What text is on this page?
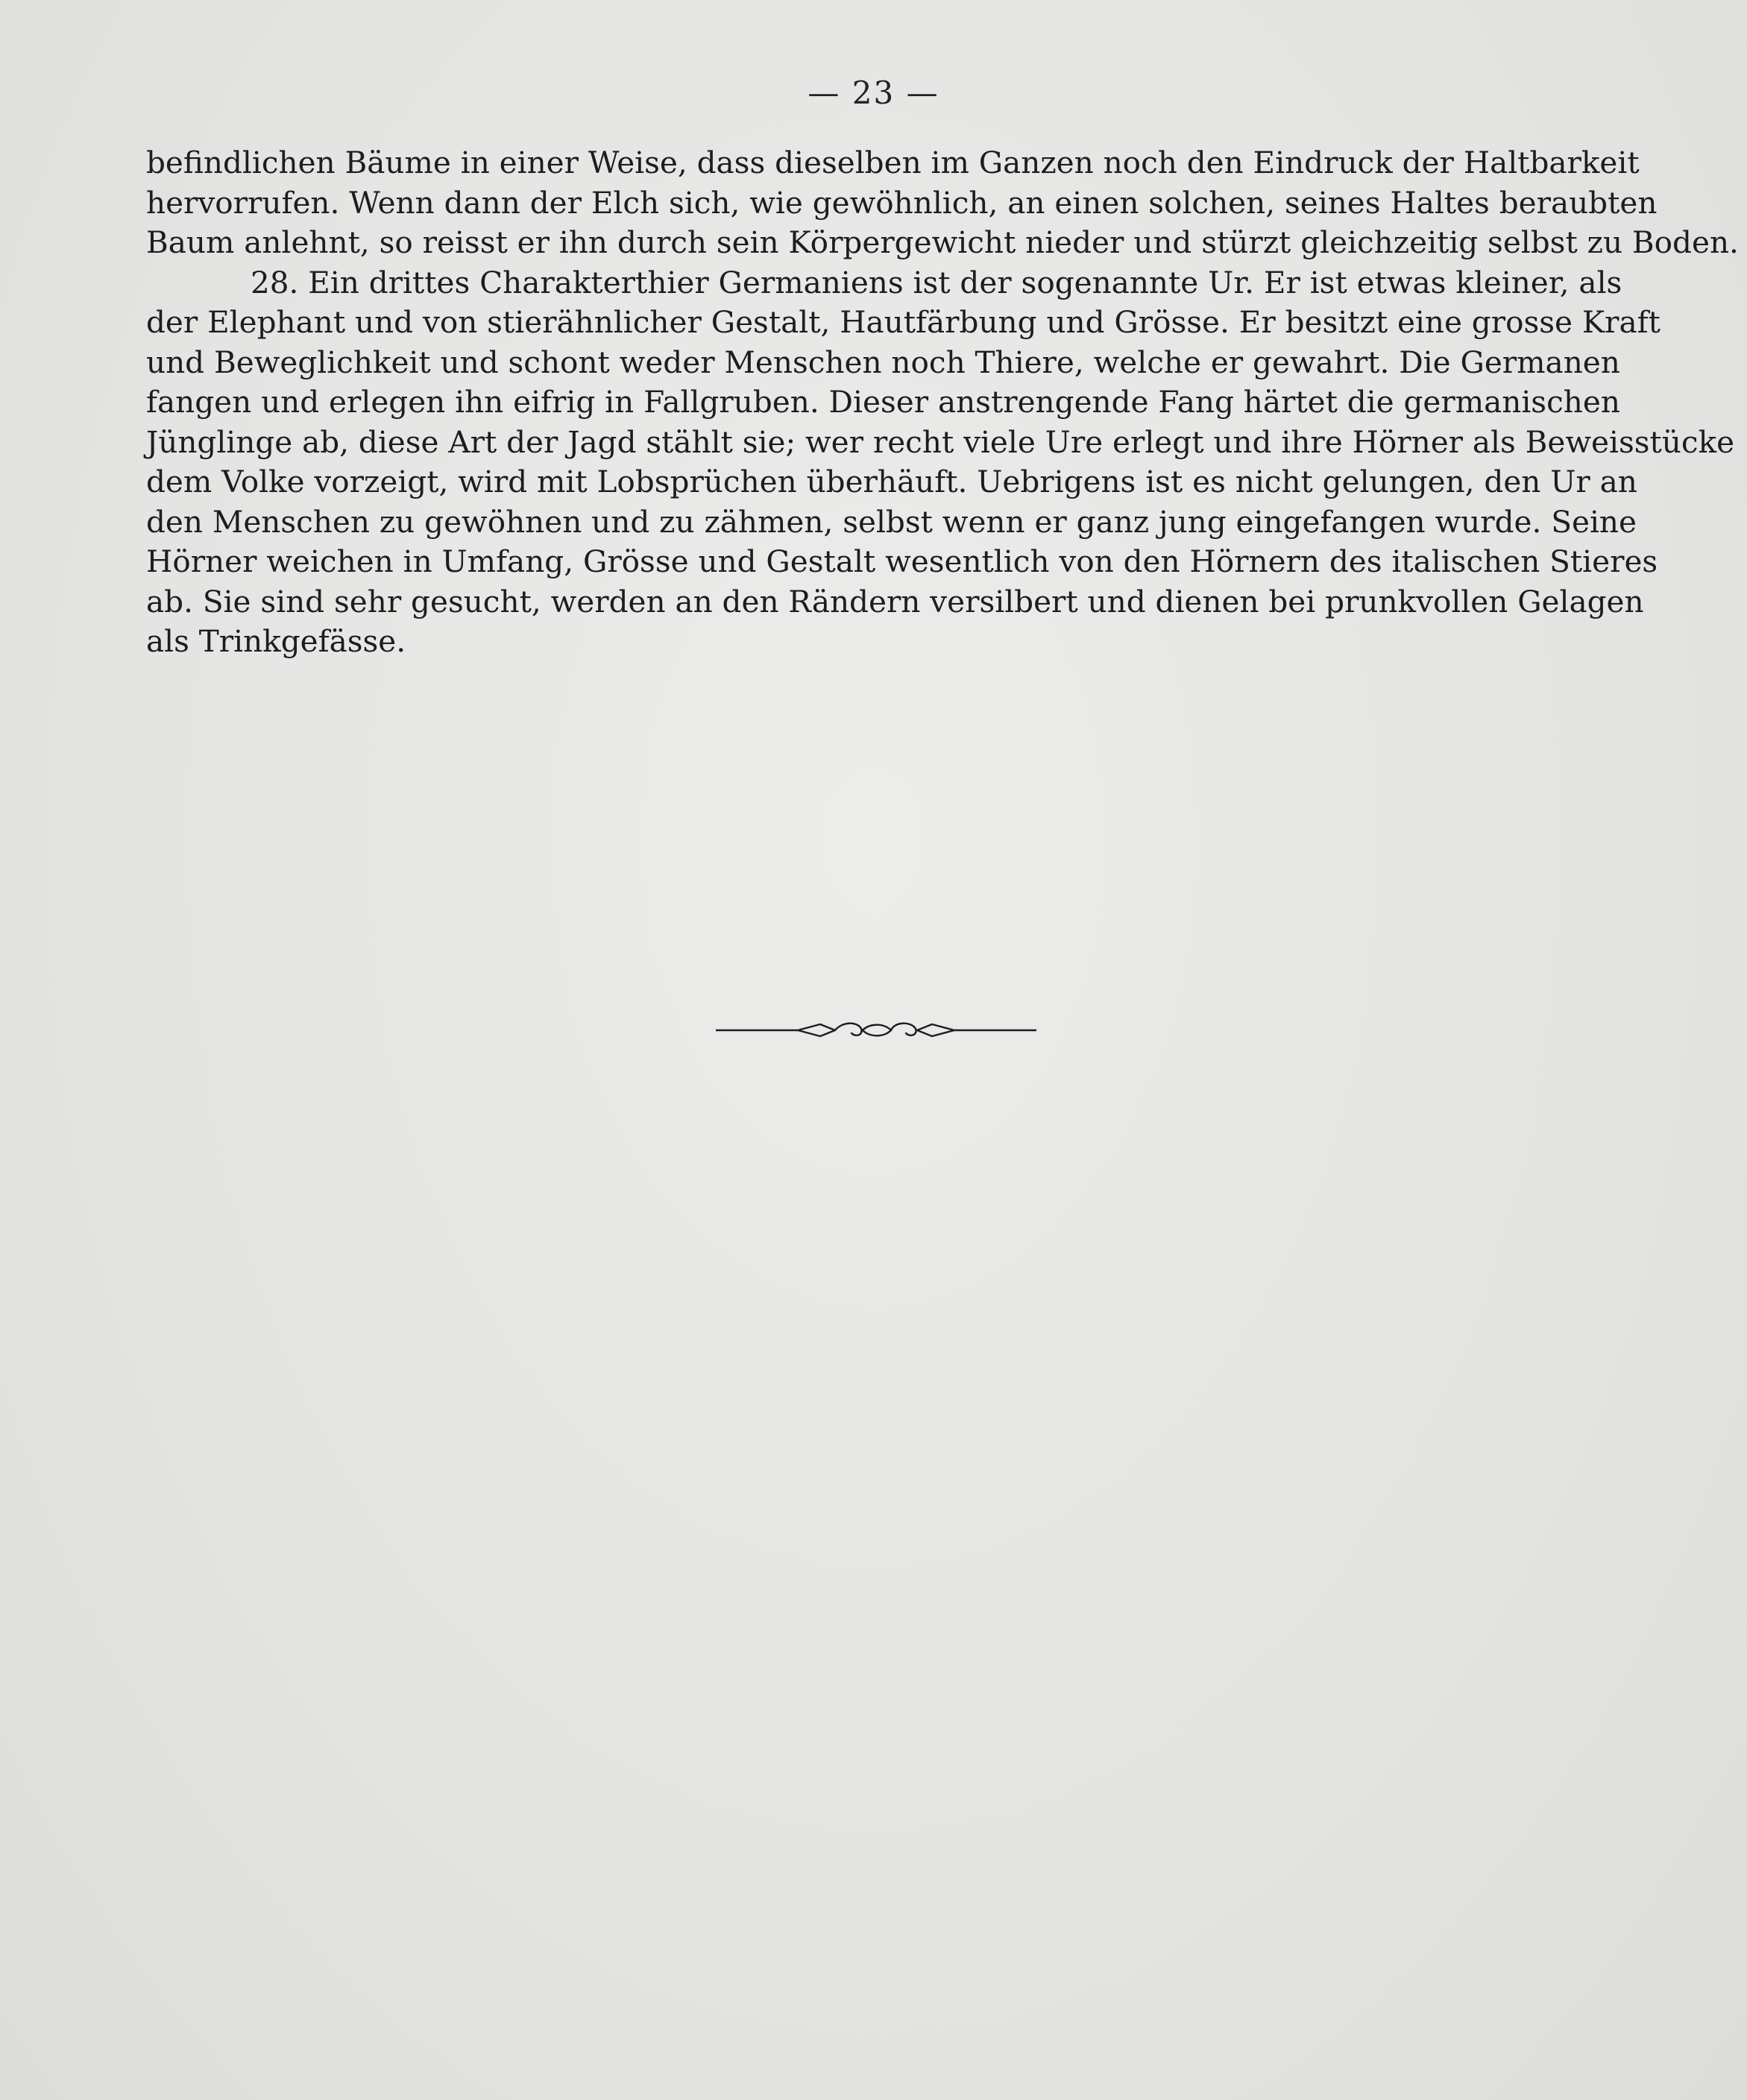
— 23 —
befindlichen Bäume in einer Weise, dass dieselben im Ganzen noch den Eindruck der Haltbarkeit
hervorrufen. Wenn dann der Elch sich, wie gewöhnlich, an einen solchen, seines Haltes beraubten
Baum anlehnt, so reisst er ihn durch sein Körpergewicht nieder und stürzt gleichzeitig selbst zu Boden.
28. Ein drittes Charakterthier Germaniens ist der sogenannte Ur. Er ist etwas kleiner, als
der Elephant und von stierähnlicher Gestalt, Hautfärbung und Grösse. Er besitzt eine grosse Kraft
und Beweglichkeit und schont weder Menschen noch Thiere, welche er gewahrt. Die Germanen
fangen und erlegen ihn eifrig in Fallgruben. Dieser anstrengende Fang härtet die germanischen
Jünglinge ab, diese Art der Jagd stählt sie; wer recht viele Ure erlegt und ihre Hörner als Beweisstücke
dem Volke vorzeigt, wird mit Lobsprüchen überhäuft. Uebrigens ist es nicht gelungen, den Ur an
den Menschen zu gewöhnen und zu zähmen, selbst wenn er ganz jung eingefangen wurde. Seine
Hörner weichen in Umfang, Grösse und Gestalt wesentlich von den Hörnern des italischen Stieres
ab. Sie sind sehr gesucht, werden an den Rändern versilbert und dienen bei prunkvollen Gelagen
als Trinkgefässe.
